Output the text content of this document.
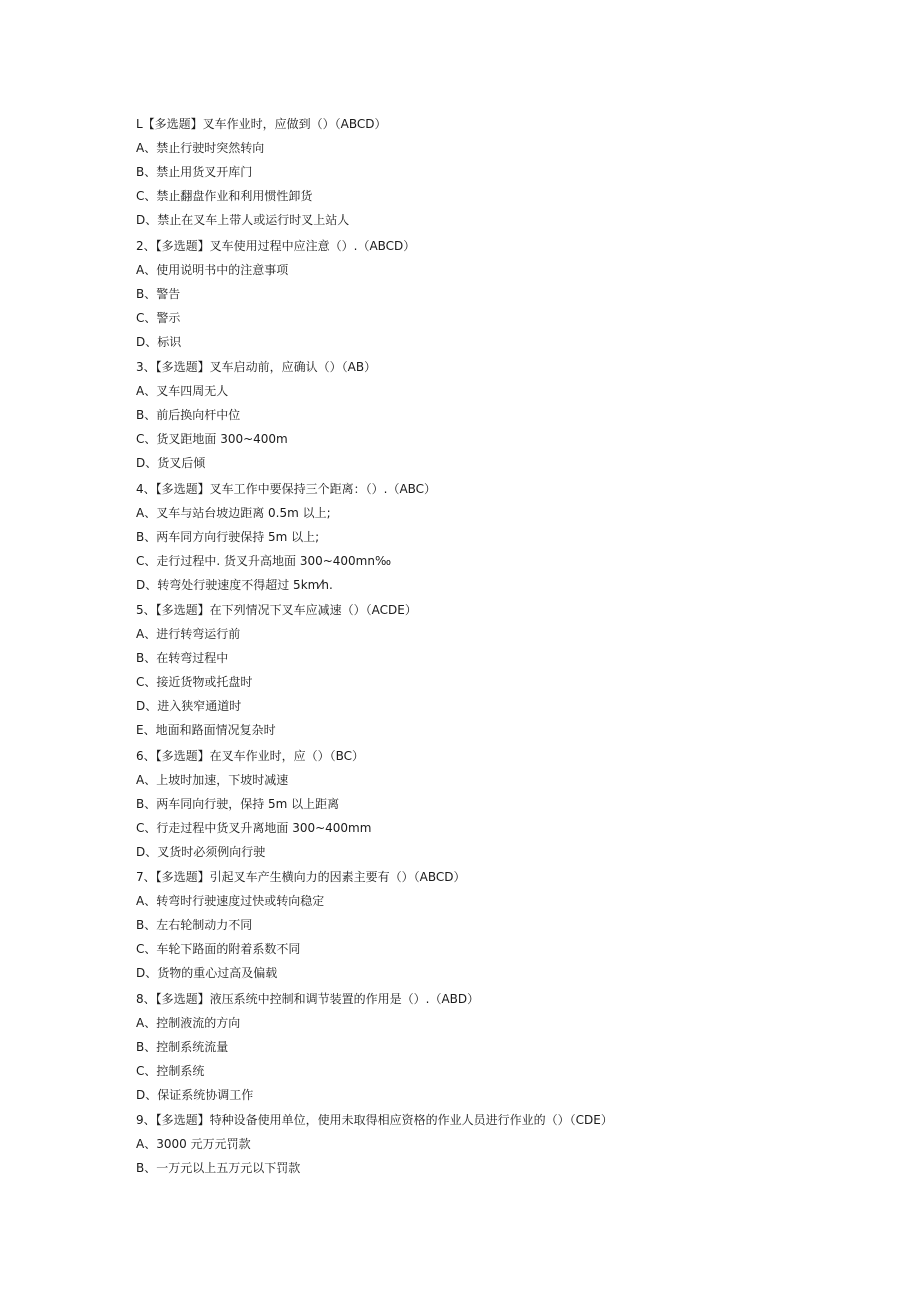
L【多选题】叉车作业时，应做到（）（ABCD）
A、禁止行驶时突然转向
B、禁止用货叉开库门
C、禁止翻盘作业和利用惯性卸货
D、禁止在叉车上带人或运行时叉上站人
2、【多选题】叉车使用过程中应注意（）.（ABCD）
A、使用说明书中的注意事项
B、警告
C、警示
D、标识
3、【多选题】叉车启动前，应确认（）（AB）
A、叉车四周无人
B、前后换向杆中位
C、货叉距地面 300~400m
D、货叉后倾
4、【多选题】叉车工作中要保持三个距离：（）.（ABC）
A、叉车与站台坡边距离 0.5m 以上;
B、两车同方向行驶保持 5m 以上;
C、走行过程中. 货叉升高地面 300~400mn‰
D、转弯处行驶速度不得超过 5km⁄h.
5、【多选题】在下列情况下叉车应减速（）（ACDE）
A、进行转弯运行前
B、在转弯过程中
C、接近货物或托盘时
D、进入狭窄通道时
E、地面和路面情况复杂时
6、【多选题】在叉车作业时，应（）（BC）
A、上坡时加速，下坡时减速
B、两车同向行驶，保持 5m 以上距离
C、行走过程中货叉升离地面 300~400mm
D、叉货时必须例向行驶
7、【多选题】引起叉车产生横向力的因素主要有（）（ABCD）
A、转弯时行驶速度过快或转向稳定
B、左右轮制动力不同
C、车轮下路面的附着系数不同
D、货物的重心过高及偏载
8、【多选题】液压系统中控制和调节装置的作用是（）.（ABD）
A、控制液流的方向
B、控制系统流量
C、控制系统
D、保证系统协调工作
9、【多选题】特种设备使用单位，使用未取得相应资格的作业人员进行作业的（）（CDE）
A、3000 元万元罚款
B、一万元以上五万元以下罚款
